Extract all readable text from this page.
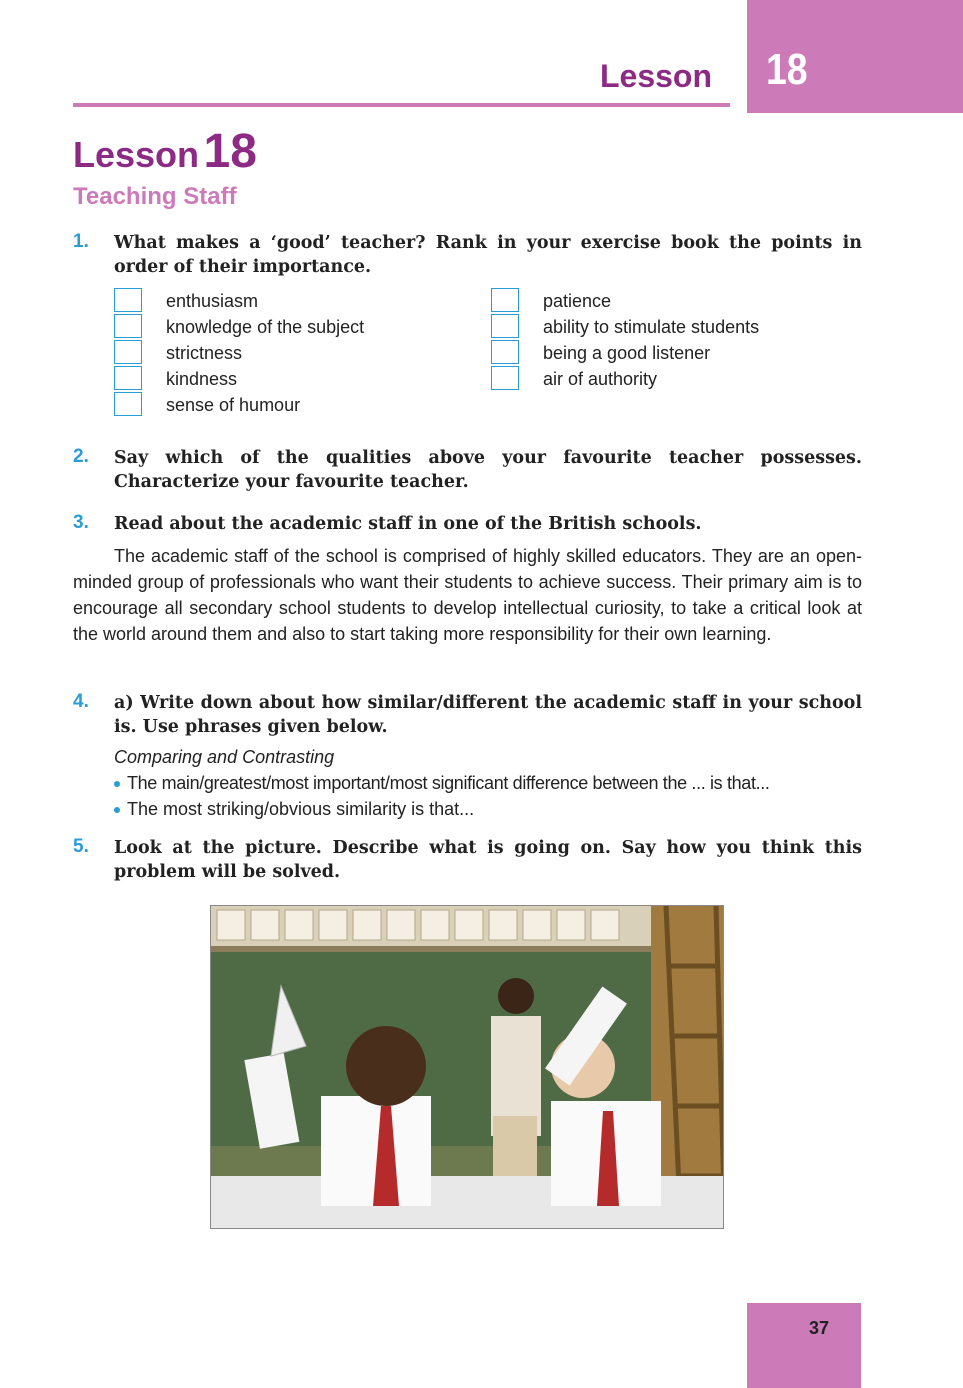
Lesson 18
Lesson 18
Teaching Staff
1. What makes a ‘good’ teacher? Rank in your exercise book the points in order of their importance.
enthusiasm
knowledge of the subject
strictness
kindness
sense of humour
patience
ability to stimulate students
being a good listener
air of authority
2. Say which of the qualities above your favourite teacher possesses. Characterize your favourite teacher.
3. Read about the academic staff in one of the British schools.
The academic staff of the school is comprised of highly skilled educators. They are an open-minded group of professionals who want their students to achieve success. Their primary aim is to encourage all secondary school students to develop intellectual curiosity, to take a critical look at the world around them and also to start taking more responsibility for their own learning.
4. a) Write down about how similar/different the academic staff in your school is. Use phrases given below.
Comparing and Contrasting
The main/greatest/most important/most significant difference between the ... is that...
The most striking/obvious similarity is that...
5. Look at the picture. Describe what is going on. Say how you think this problem will be solved.
37
